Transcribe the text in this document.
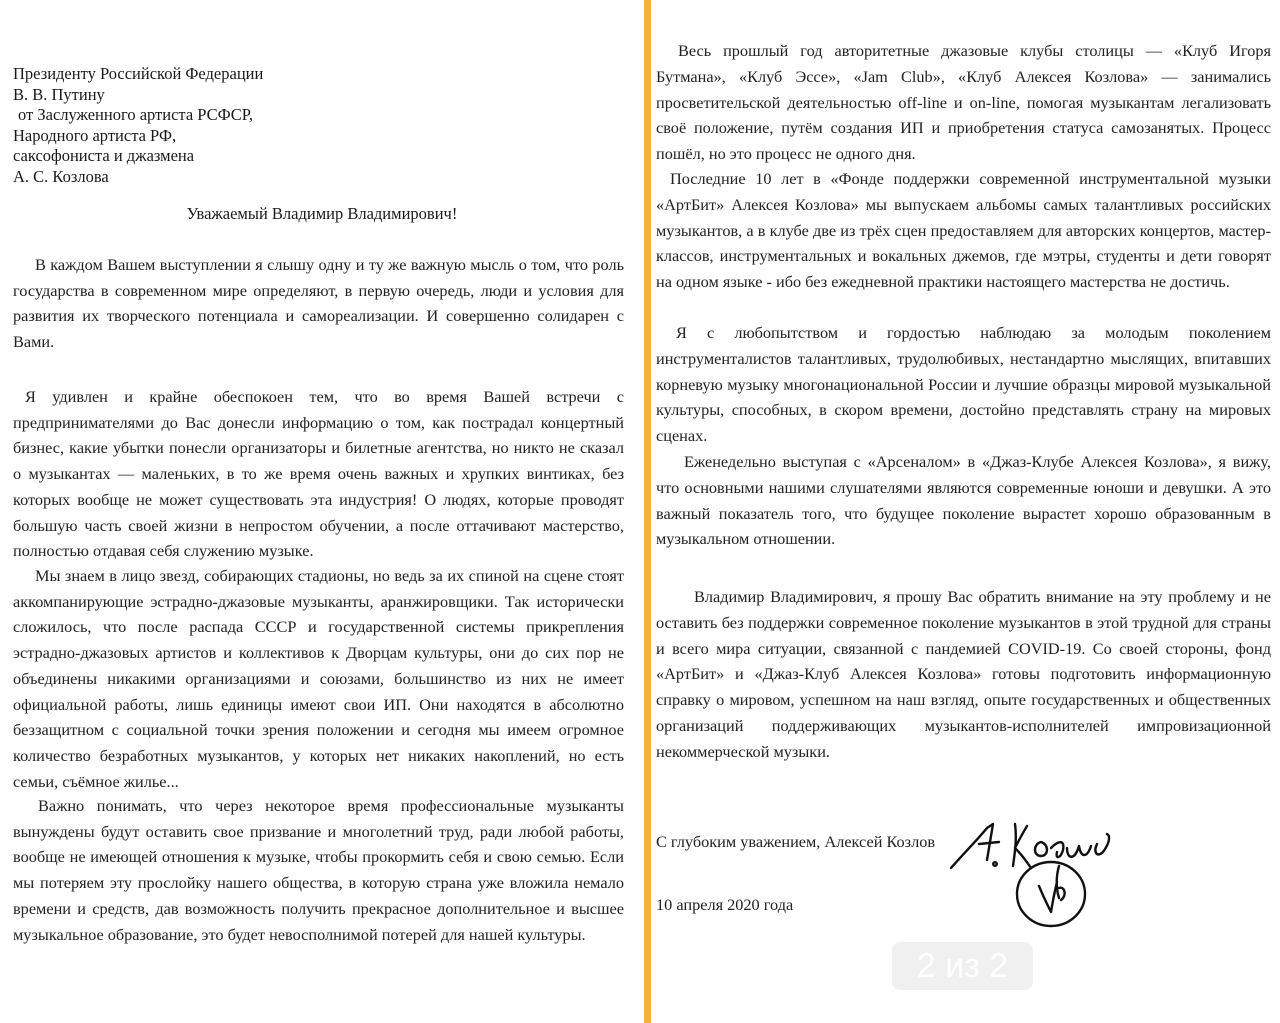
Президенту Российской Федерации
В. В. Путину
от Заслуженного артиста РСФСР,
Народного артиста РФ,
саксофониста и джазмена
А. С. Козлова
Уважаемый Владимир Владимирович!

В каждом Вашем выступлении я слышу одну и ту же важную мысль о том, что роль государства в современном мире определяют, в первую очередь, люди и условия для развития их творческого потенциала и самореализации. И совершенно солидарен с Вами.

Я удивлен и крайне обеспокоен тем, что во время Вашей встречи с предпринимателями до Вас донесли информацию о том, как пострадал концертный бизнес, какие убытки понесли организаторы и билетные агентства, но никто не сказал о музыкантах — маленьких, в то же время очень важных и хрупких винтиках, без которых вообще не может существовать эта индустрия! О людях, которые проводят большую часть своей жизни в непростом обучении, а после оттачивают мастерство, полностью отдавая себя служению музыке.

Мы знаем в лицо звезд, собирающих стадионы, но ведь за их спиной на сцене стоят аккомпанирующие эстрадно-джазовые музыканты, аранжировщики. Так исторически сложилось, что после распада СССР и государственной системы прикрепления эстрадно-джазовых артистов и коллективов к Дворцам культуры, они до сих пор не объединены никакими организациями и союзами, большинство из них не имеет официальной работы, лишь единицы имеют свои ИП. Они находятся в абсолютно беззащитном с социальной точки зрения положении и сегодня мы имеем огромное количество безработных музыкантов, у которых нет никаких накоплений, но есть семьи, съёмное жилье...

Важно понимать, что через некоторое время профессиональные музыканты вынуждены будут оставить свое призвание и многолетний труд, ради любой работы, вообще не имеющей отношения к музыке, чтобы прокормить себя и свою семью. Если мы потеряем эту прослойку нашего общества, в которую страна уже вложила немало времени и средств, дав возможность получить прекрасное дополнительное и высшее музыкальное образование, это будет невосполнимой потерей для нашей культуры.

Весь прошлый год авторитетные джазовые клубы столицы — «Клуб Игоря Бутмана», «Клуб Эссе», «Jam Club», «Клуб Алексея Козлова» — занимались просветительской деятельностью off-line и on-line, помогая музыкантам легализовать своё положение, путём создания ИП и приобретения статуса самозанятых. Процесс пошёл, но это процесс не одного дня.

Последние 10 лет в «Фонде поддержки современной инструментальной музыки «АртБит» Алексея Козлова» мы выпускаем альбомы самых талантливых российских музыкантов, а в клубе две из трёх сцен предоставляем для авторских концертов, мастер-классов, инструментальных и вокальных джемов, где мэтры, студенты и дети говорят на одном языке - ибо без ежедневной практики настоящего мастерства не достичь.

Я с любопытством и гордостью наблюдаю за молодым поколением инструменталистов талантливых, трудолюбивых, нестандартно мыслящих, впитавших корневую музыку многонациональной России и лучшие образцы мировой музыкальной культуры, способных, в скором времени, достойно представлять страну на мировых сценах.

Еженедельно выступая с «Арсеналом» в «Джаз-Клубе Алексея Козлова», я вижу, что основными нашими слушателями являются современные юноши и девушки. А это важный показатель того, что будущее поколение вырастет хорошо образованным в музыкальном отношении.

Владимир Владимирович, я прошу Вас обратить внимание на эту проблему и не оставить без поддержки современное поколение музыкантов в этой трудной для страны и всего мира ситуации, связанной с пандемией COVID-19. Со своей стороны, фонд «АртБит» и «Джаз-Клуб Алексея Козлова» готовы подготовить информационную справку о мировом, успешном на наш взгляд, опыте государственных и общественных организаций поддерживающих музыкантов-исполнителей импровизационной некоммерческой музыки.

С глубоким уважением, Алексей Козлов
10 апреля 2020 года
2 из 2
